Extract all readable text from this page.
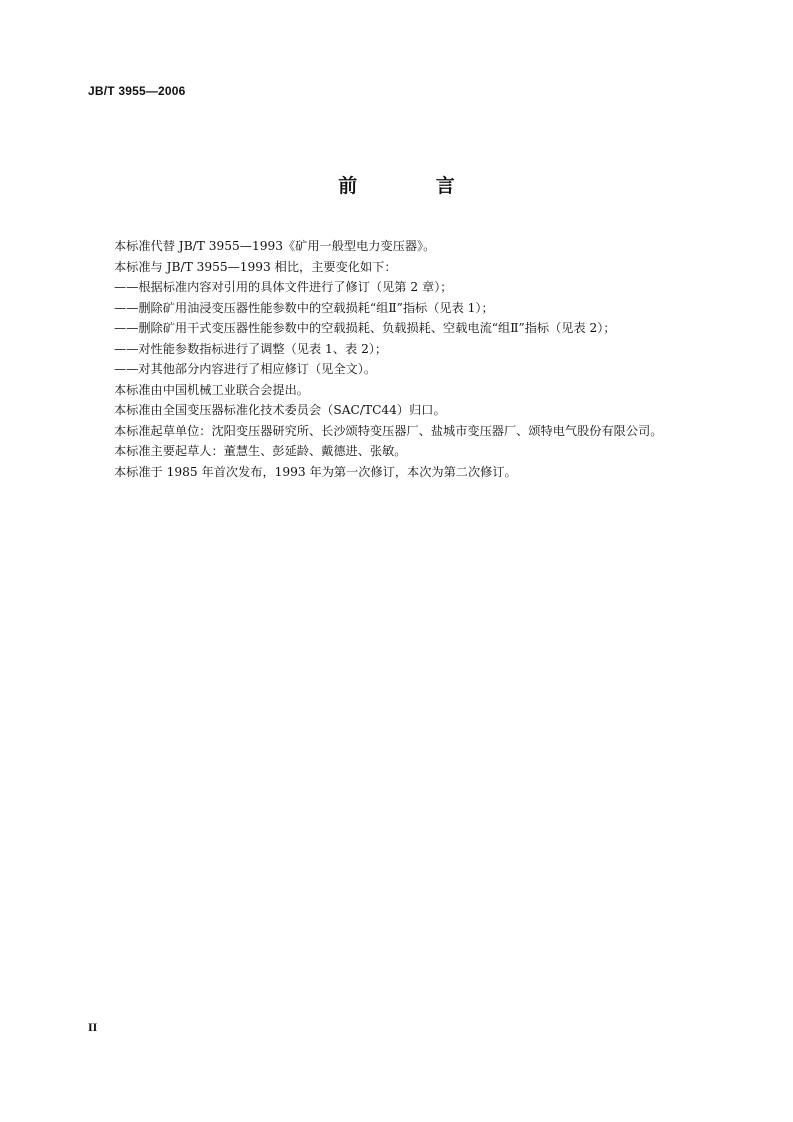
JB/T 3955—2006
前 言

本标准代替 JB/T 3955—1993《矿用一般型电力变压器》。

本标准与 JB/T 3955—1993 相比，主要变化如下：

——根据标准内容对引用的具体文件进行了修订（见第 2 章）；

——删除矿用油浸变压器性能参数中的空载损耗“组Ⅱ”指标（见表 1）；

——删除矿用干式变压器性能参数中的空载损耗、负载损耗、空载电流“组Ⅱ”指标（见表 2）；

——对性能参数指标进行了调整（见表 1、表 2）；

——对其他部分内容进行了相应修订（见全文）。

本标准由中国机械工业联合会提出。

本标准由全国变压器标准化技术委员会（SAC/TC44）归口。

本标准起草单位：沈阳变压器研究所、长沙颂特变压器厂、盐城市变压器厂、颂特电气股份有限公司。

本标准主要起草人：董慧生、彭延龄、戴德进、张敏。

本标准于 1985 年首次发布，1993 年为第一次修订，本次为第二次修订。

II
